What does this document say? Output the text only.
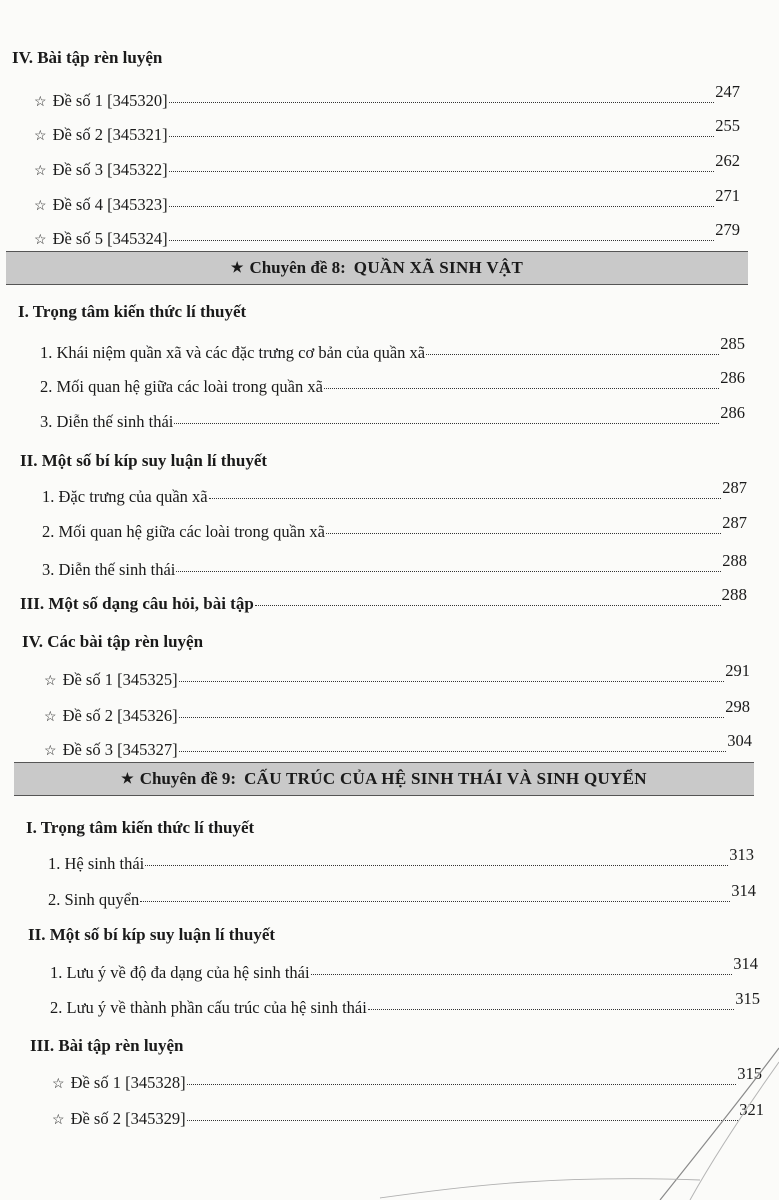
IV. Bài tập rèn luyện
☆ Đề số 1 [345320]	247
☆ Đề số 2 [345321]	255
☆ Đề số 3 [345322]	262
☆ Đề số 4 [345323]	271
☆ Đề số 5 [345324]	279
★ Chuyên đề 8: QUẦN XÃ SINH VẬT
I. Trọng tâm kiến thức lí thuyết
1. Khái niệm quần xã và các đặc trưng cơ bản của quần xã	285
2. Mối quan hệ giữa các loài trong quần xã	286
3. Diễn thế sinh thái	286
II. Một số bí kíp suy luận lí thuyết
1. Đặc trưng của quần xã	287
2. Mối quan hệ giữa các loài trong quần xã	287
3. Diễn thế sinh thái	288
III. Một số dạng câu hỏi, bài tập	288
IV. Các bài tập rèn luyện
☆ Đề số 1 [345325]	291
☆ Đề số 2 [345326]	298
☆ Đề số 3 [345327]	304
★ Chuyên đề 9: CẤU TRÚC CỦA HỆ SINH THÁI VÀ SINH QUYỂN
I. Trọng tâm kiến thức lí thuyết
1. Hệ sinh thái	313
2. Sinh quyển	314
II. Một số bí kíp suy luận lí thuyết
1. Lưu ý về độ đa dạng của hệ sinh thái	314
2. Lưu ý về thành phần cấu trúc của hệ sinh thái	315
III. Bài tập rèn luyện
☆ Đề số 1 [345328]	315
☆ Đề số 2 [345329]	321
